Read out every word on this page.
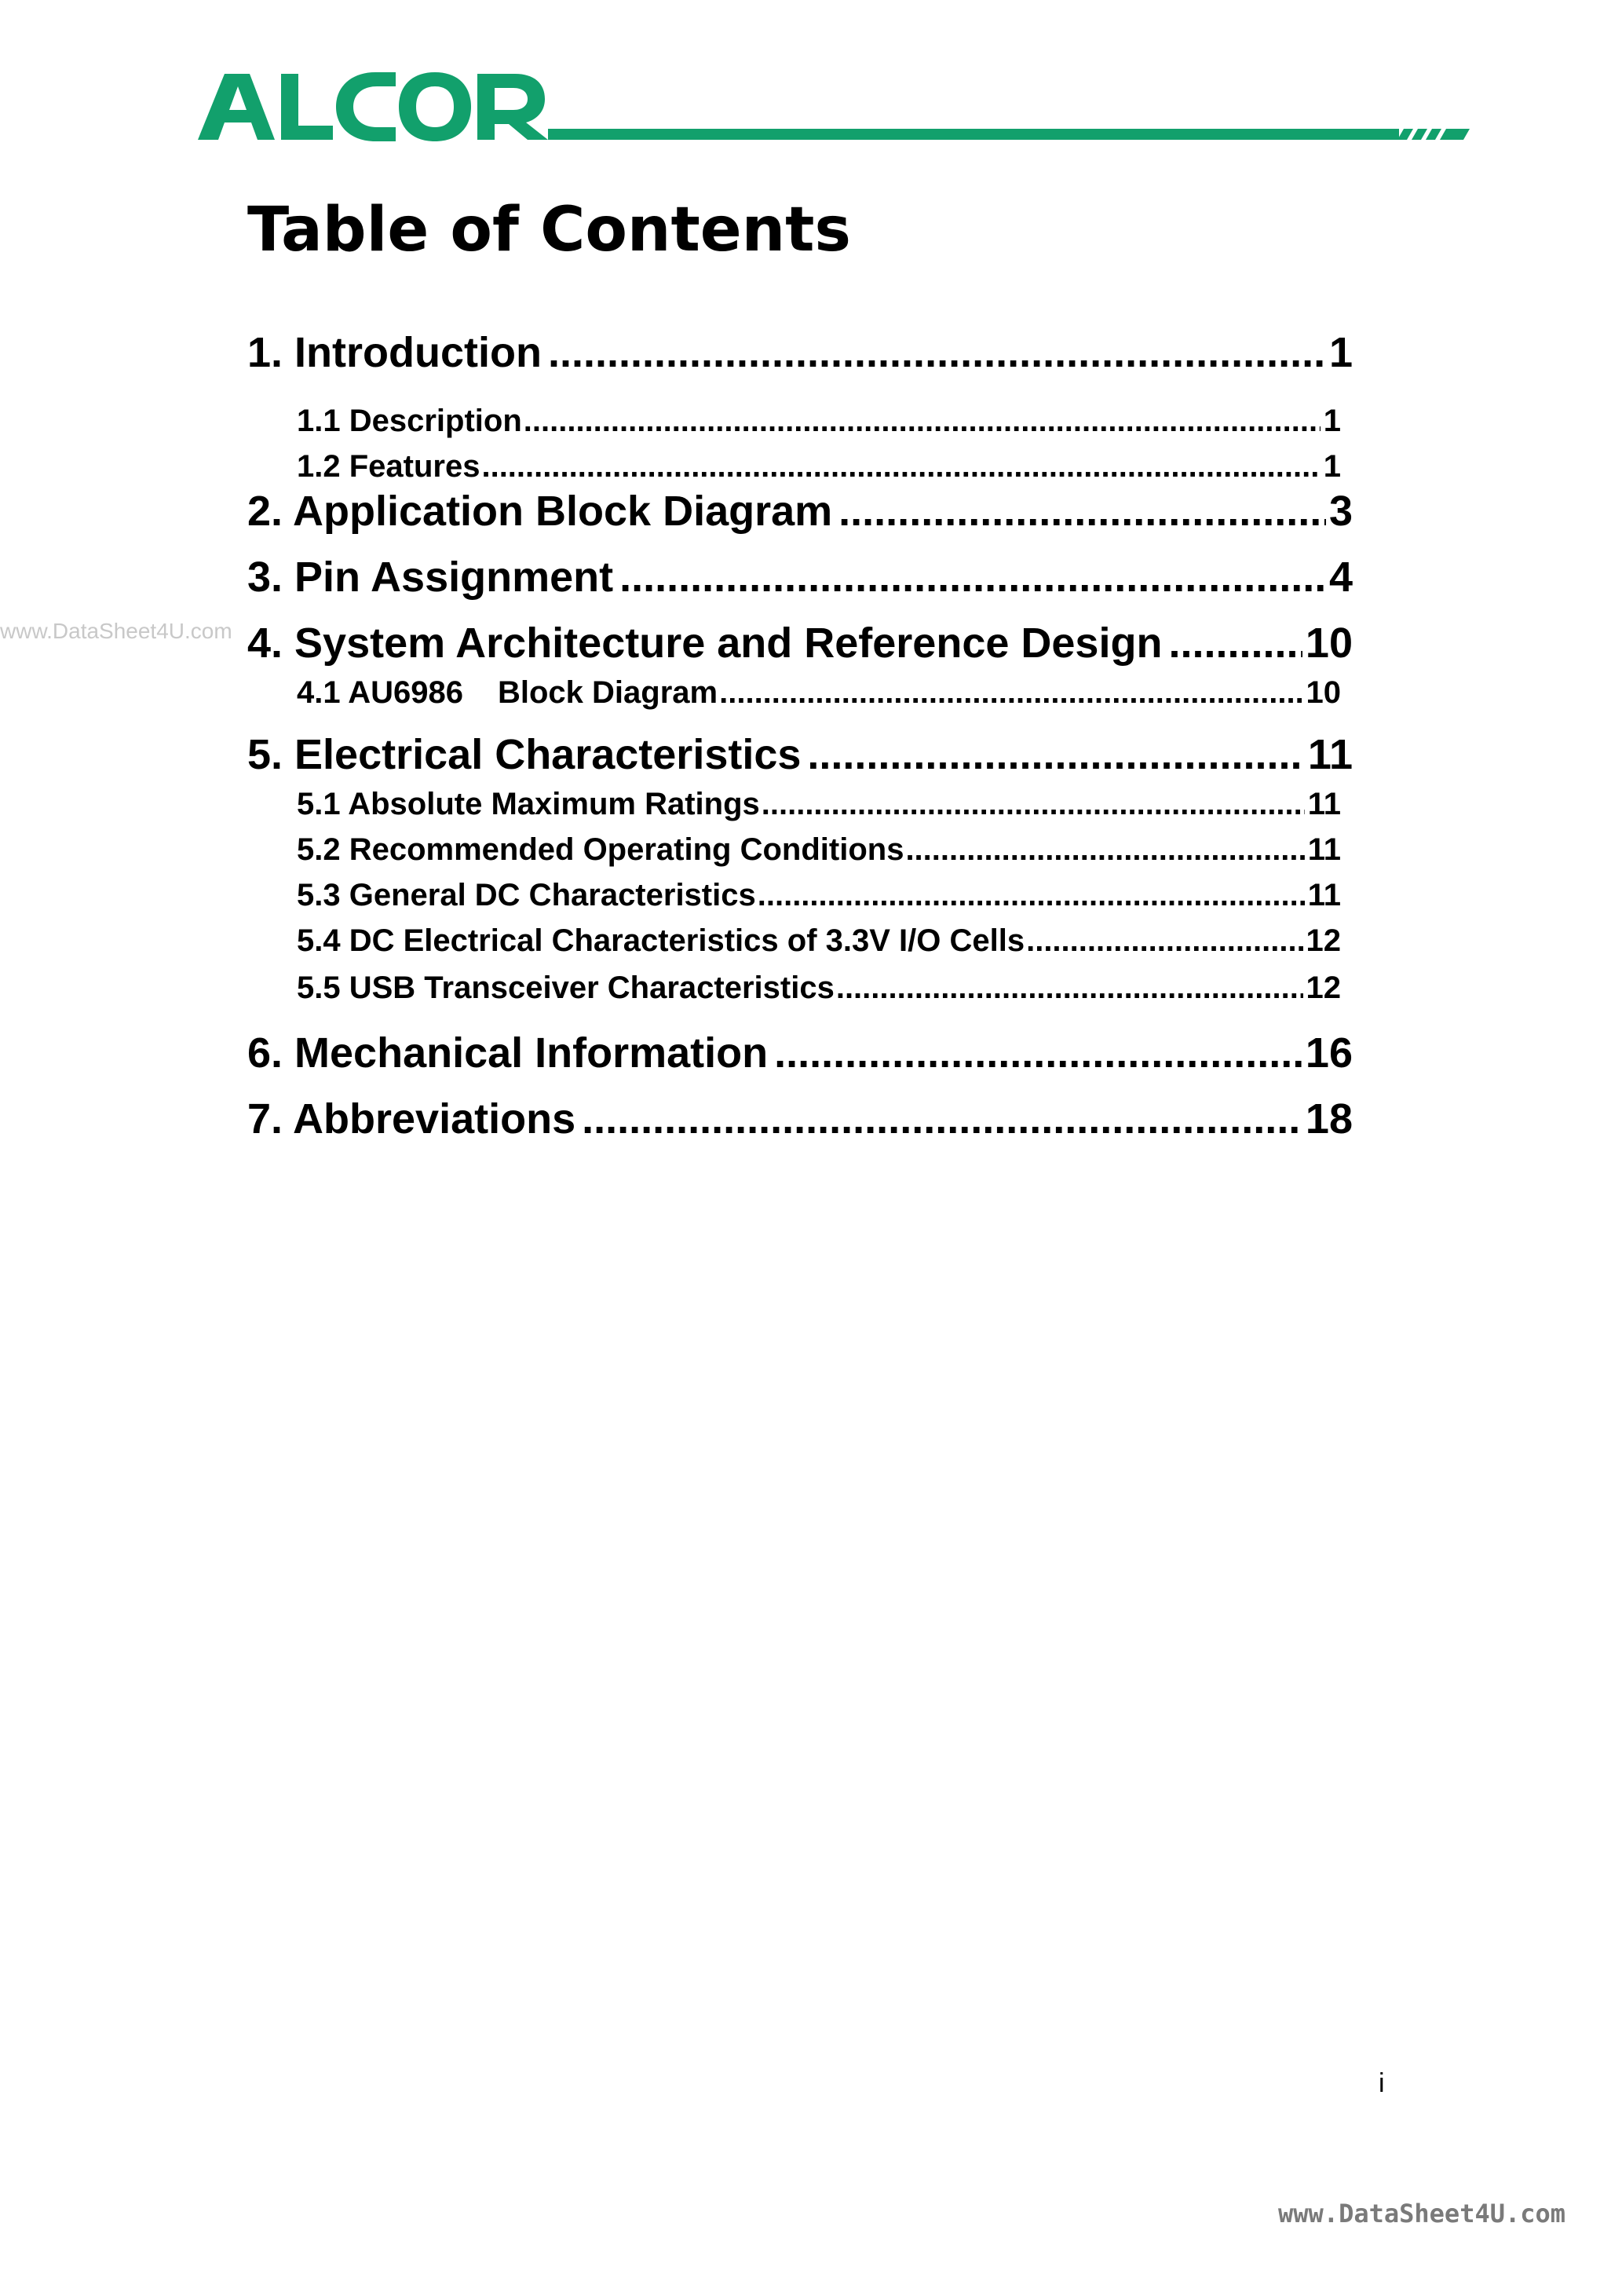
Table of Contents
1. Introduction .....	1
1.1 Description .....	1
1.2 Features .....	1
2. Application Block Diagram .....	3
3. Pin Assignment .....	4
4. System Architecture and Reference Design .....	10
4.1 AU6986 Block Diagram .....	10
5. Electrical Characteristics .....	11
5.1 Absolute Maximum Ratings .....	11
5.2 Recommended Operating Conditions .....	11
5.3 General DC Characteristics .....	11
5.4 DC Electrical Characteristics of 3.3V I/O Cells .....	12
5.5 USB Transceiver Characteristics .....	12
6. Mechanical Information .....	16
7. Abbreviations .....	18
www.DataSheet4U.com
i
www.DataSheet4U.com
